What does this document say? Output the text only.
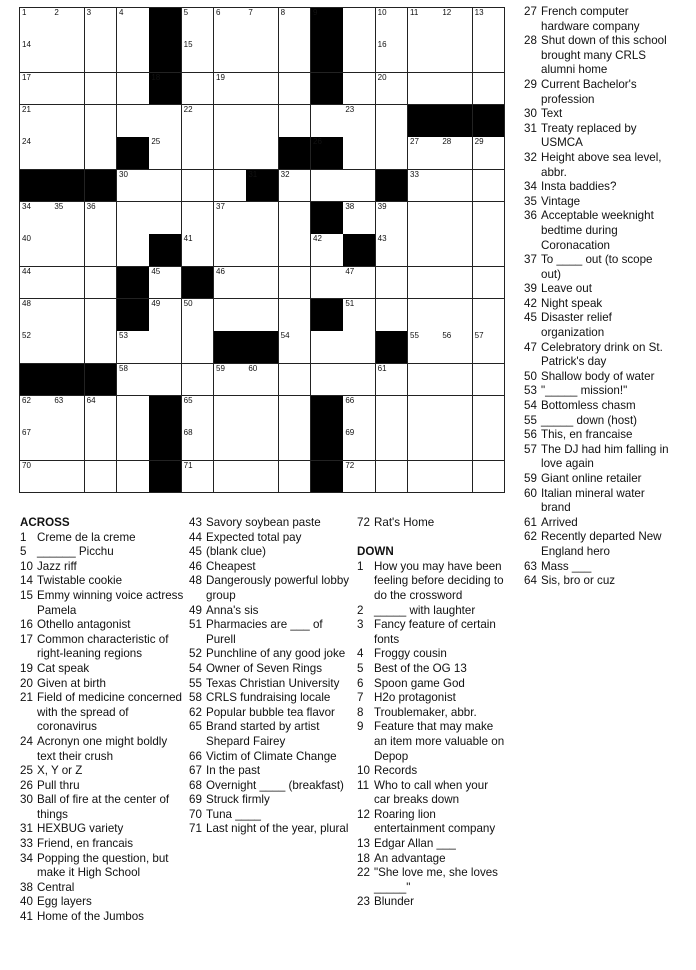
1	2	3	4	5	6	7	8	9	10	11	12	13
14	15	16
17	18	19	20
21	22	23
24	25	26	27	28	29
30	31	32	33
34	35	36	37	38	39
40	41	42	43
44	45	46	47
48	49	50	51
52	53	54	55	56	57
58	59	60	61
62	63	64	65	66
67	68	69
70	71	72
ACROSS
1 Creme de la creme
5 ______ Picchu
10 Jazz riff
14 Twistable cookie
15 Emmy winning voice actress Pamela
16 Othello antagonist
17 Common characteristic of right-leaning regions
19 Cat speak
20 Given at birth
21 Field of medicine concerned with the spread of coronavirus
24 Acronyn one might boldly text their crush
25 X, Y or Z
26 Pull thru
30 Ball of fire at the center of things
31 HEXBUG variety
33 Friend, en francais
34 Popping the question, but make it High School
38 Central
40 Egg layers
41 Home of the Jumbos
43 Savory soybean paste
44 Expected total pay
45 (blank clue)
46 Cheapest
48 Dangerously powerful lobby group
49 Anna's sis
51 Pharmacies are ___ of Purell
52 Punchline of any good joke
54 Owner of Seven Rings
55 Texas Christian University
58 CRLS fundraising locale
62 Popular bubble tea flavor
65 Brand started by artist Shepard Fairey
66 Victim of Climate Change
67 In the past
68 Overnight ____ (breakfast)
69 Struck firmly
70 Tuna ____
71 Last night of the year, plural
72 Rat's Home
DOWN
1 How you may have been feeling before deciding to do the crossword
2 _____ with laughter
3 Fancy feature of certain fonts
4 Froggy cousin
5 Best of the OG 13
6 Spoon game God
7 H2o protagonist
8 Troublemaker, abbr.
9 Feature that may make an item more valuable on Depop
10 Records
11 Who to call when your car breaks down
12 Roaring lion entertainment company
13 Edgar Allan ___
18 An advantage
22 "She love me, she loves _____"
23 Blunder
27 French computer hardware company
28 Shut down of this school brought many CRLS alumni home
29 Current Bachelor's profession
30 Text
31 Treaty replaced by USMCA
32 Height above sea level, abbr.
34 Insta baddies?
35 Vintage
36 Acceptable weeknight bedtime during Coronacation
37 To ____ out (to scope out)
39 Leave out
42 Night speak
45 Disaster relief organization
47 Celebratory drink on St. Patrick's day
50 Shallow body of water
53 "_____ mission!"
54 Bottomless chasm
55 _____ down (host)
56 This, en francaise
57 The DJ had him falling in love again
59 Giant online retailer
60 Italian mineral water brand
61 Arrived
62 Recently departed New England hero
63 Mass ___
64 Sis, bro or cuz
